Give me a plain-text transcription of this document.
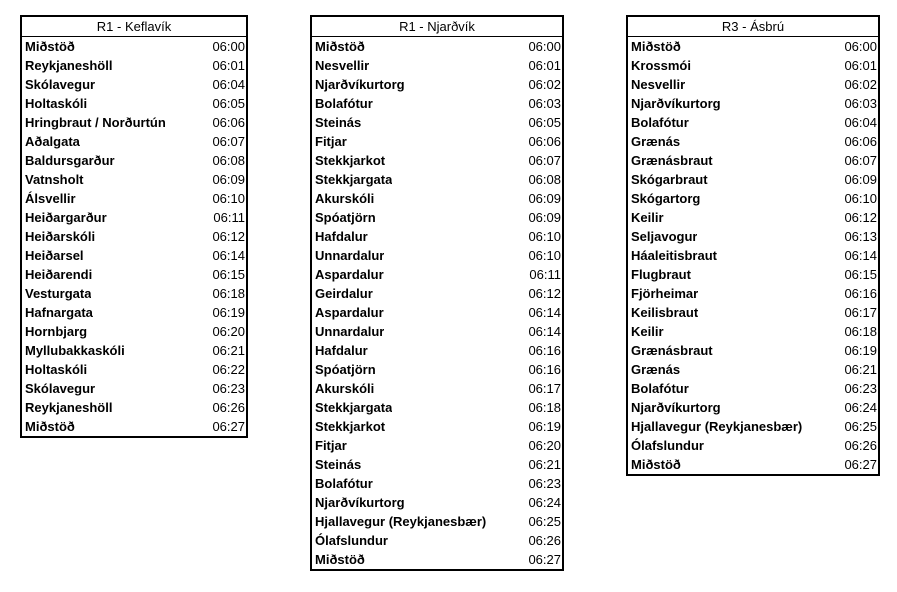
R1 - Keflavík
Miðstöð	06:00
Reykjaneshöll	06:01
Skólavegur	06:04
Holtaskóli	06:05
Hringbraut / Norðurtún	06:06
Aðalgata	06:07
Baldursgarður	06:08
Vatnsholt	06:09
Álsvellir	06:10
Heiðargarður	06:11
Heiðarskóli	06:12
Heiðarsel	06:14
Heiðarendi	06:15
Vesturgata	06:18
Hafnargata	06:19
Hornbjarg	06:20
Myllubakkaskóli	06:21
Holtaskóli	06:22
Skólavegur	06:23
Reykjaneshöll	06:26
Miðstöð	06:27
R1 - Njarðvík
Miðstöð	06:00
Nesvellir	06:01
Njarðvíkurtorg	06:02
Bolafótur	06:03
Steinás	06:05
Fitjar	06:06
Stekkjarkot	06:07
Stekkjargata	06:08
Akurskóli	06:09
Spóatjörn	06:09
Hafdalur	06:10
Unnardalur	06:10
Aspardalur	06:11
Geirdalur	06:12
Aspardalur	06:14
Unnardalur	06:14
Hafdalur	06:16
Spóatjörn	06:16
Akurskóli	06:17
Stekkjargata	06:18
Stekkjarkot	06:19
Fitjar	06:20
Steinás	06:21
Bolafótur	06:23
Njarðvíkurtorg	06:24
Hjallavegur (Reykjanesbær)	06:25
Ólafslundur	06:26
Miðstöð	06:27
R3 - Ásbrú
Miðstöð	06:00
Krossmói	06:01
Nesvellir	06:02
Njarðvíkurtorg	06:03
Bolafótur	06:04
Grænás	06:06
Grænásbraut	06:07
Skógarbraut	06:09
Skógartorg	06:10
Keilir	06:12
Seljavogur	06:13
Háaleitisbraut	06:14
Flugbraut	06:15
Fjörheimar	06:16
Keilisbraut	06:17
Keilir	06:18
Grænásbraut	06:19
Grænás	06:21
Bolafótur	06:23
Njarðvíkurtorg	06:24
Hjallavegur (Reykjanesbær)	06:25
Ólafslundur	06:26
Miðstöð	06:27
